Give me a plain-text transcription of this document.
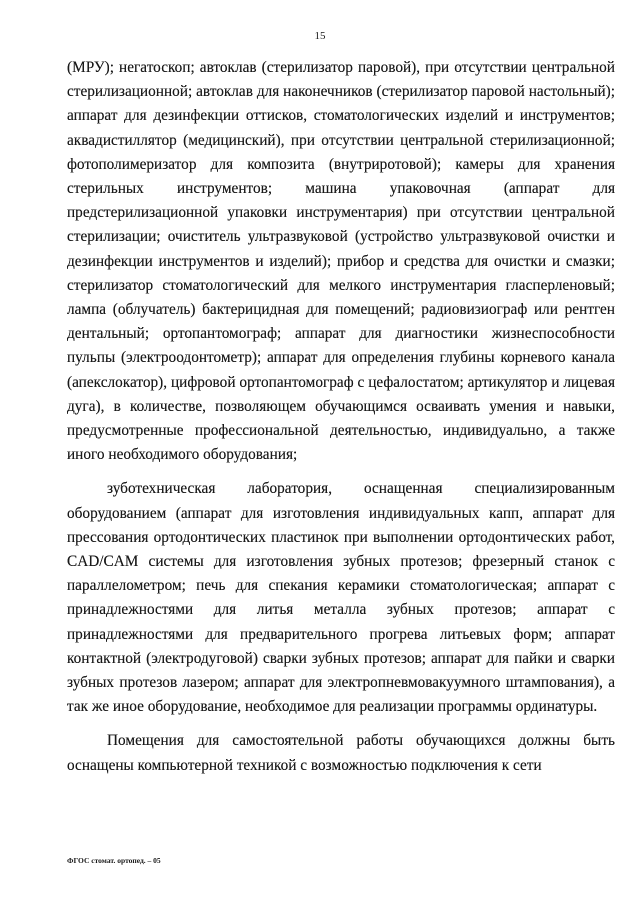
15

(МРУ); негатоскоп; автоклав (стерилизатор паровой), при отсутствии центральной стерилизационной; автоклав для наконечников (стерилизатор паровой настольный); аппарат для дезинфекции оттисков, стоматологических изделий и инструментов; аквадистиллятор (медицинский), при отсутствии центральной стерилизационной; фотополимеризатор для композита (внутриротовой); камеры для хранения стерильных инструментов; машина упаковочная (аппарат для предстерилизационной упаковки инструментария) при отсутствии центральной стерилизации; очиститель ультразвуковой (устройство ультразвуковой очистки и дезинфекции инструментов и изделий); прибор и средства для очистки и смазки; стерилизатор стоматологический для мелкого инструментария гласперленовый; лампа (облучатель) бактерицидная для помещений; радиовизиограф или рентген дентальный; ортопантомограф; аппарат для диагностики жизнеспособности пульпы (электроодонтометр); аппарат для определения глубины корневого канала (апекслокатор), цифровой ортопантомограф с цефалостатом; артикулятор и лицевая дуга), в количестве, позволяющем обучающимся осваивать умения и навыки, предусмотренные профессиональной деятельностью, индивидуально, а также иного необходимого оборудования;

зуботехническая лаборатория, оснащенная специализированным оборудованием (аппарат для изготовления индивидуальных капп, аппарат для прессования ортодонтических пластинок при выполнении ортодонтических работ, CAD/CAM системы для изготовления зубных протезов; фрезерный станок с параллелометром; печь для спекания керамики стоматологическая; аппарат с принадлежностями для литья металла зубных протезов; аппарат с принадлежностями для предварительного прогрева литьевых форм; аппарат контактной (электродуговой) сварки зубных протезов; аппарат для пайки и сварки зубных протезов лазером; аппарат для электропневмовакуумного штампования), а так же иное оборудование, необходимое для реализации программы ординатуры.

Помещения для самостоятельной работы обучающихся должны быть оснащены компьютерной техникой с возможностью подключения к сети

ФГОС стомат. ортопед. – 05
